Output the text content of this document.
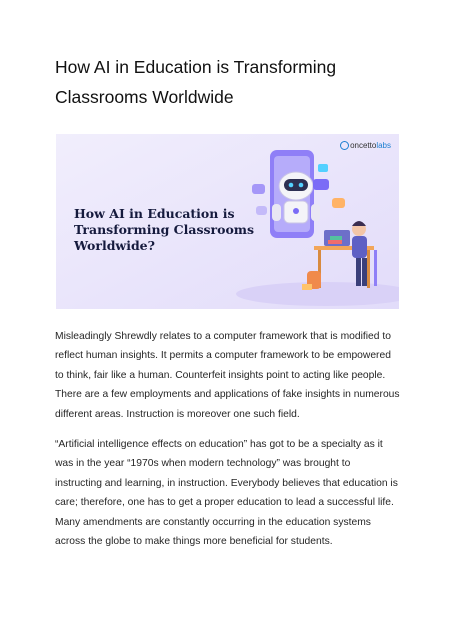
How AI in Education is Transforming Classrooms Worldwide
How AI in Education is
Transforming Classrooms
Worldwide?
oncetto labs

Misleadingly Shrewdly relates to a computer framework that is modified to reflect human insights. It permits a computer framework to be empowered to think, fair like a human. Counterfeit insights point to acting like people. There are a few employments and applications of fake insights in numerous different areas. Instruction is moreover one such field.

“Artificial intelligence effects on education” has got to be a specialty as it was in the year “1970s when modern technology” was brought to instructing and learning, in instruction. Everybody believes that education is care; therefore, one has to get a proper education to lead a successful life. Many amendments are constantly occurring in the education systems across the globe to make things more beneficial for students.
